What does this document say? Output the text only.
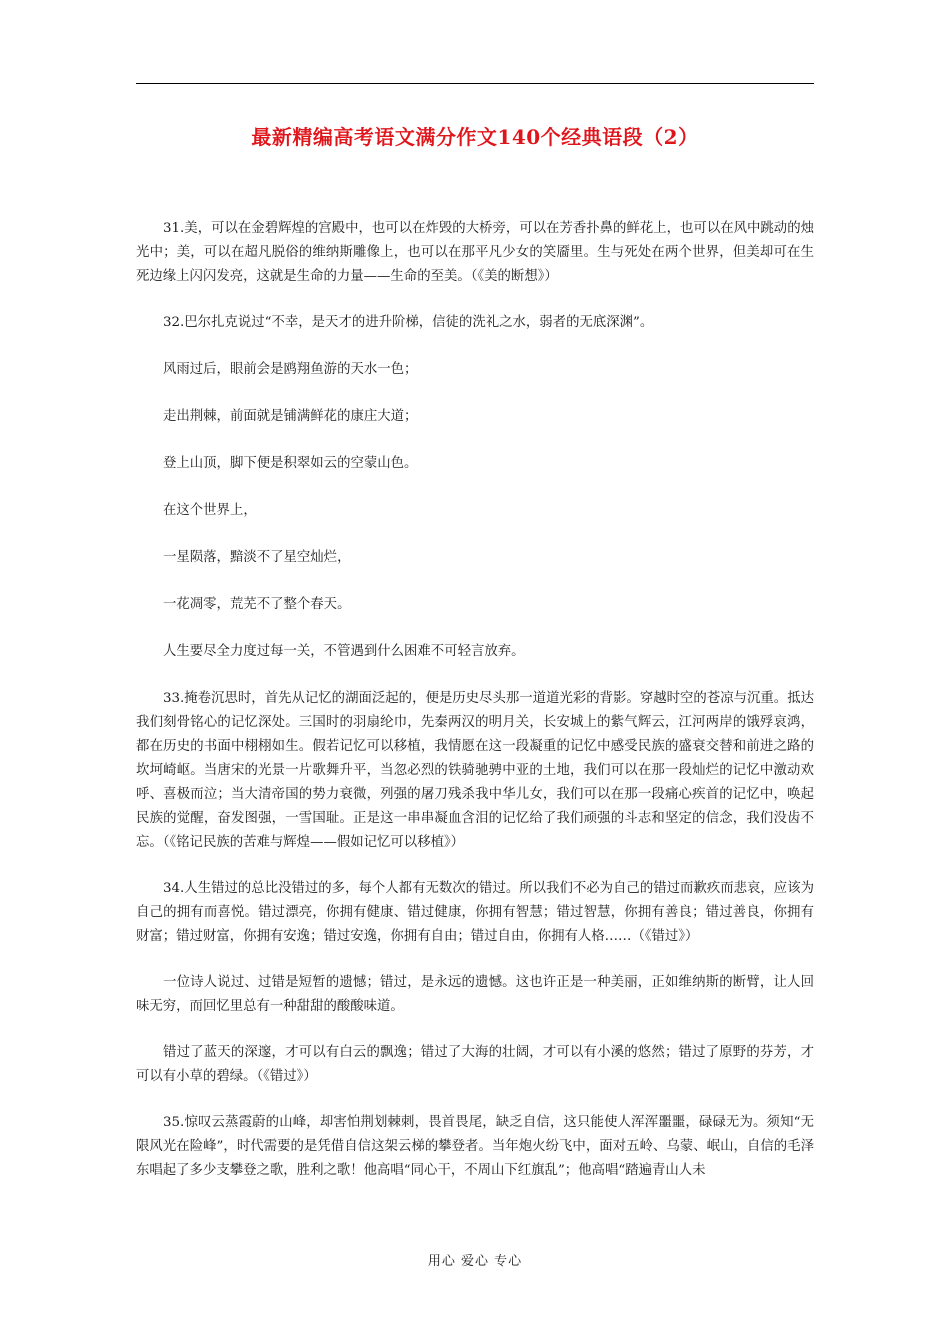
最新精编高考语文满分作文140个经典语段（2）

31.美，可以在金碧辉煌的宫殿中，也可以在炸毁的大桥旁，可以在芳香扑鼻的鲜花上，也可以在风中跳动的烛光中；美，可以在超凡脱俗的维纳斯雕像上，也可以在那平凡少女的笑靥里。生与死处在两个世界，但美却可在生死边缘上闪闪发亮，这就是生命的力量——生命的至美。（《美的断想》）

32.巴尔扎克说过“不幸，是天才的进升阶梯，信徒的洗礼之水，弱者的无底深渊”。

风雨过后，眼前会是鸥翔鱼游的天水一色；

走出荆棘，前面就是铺满鲜花的康庄大道；

登上山顶，脚下便是积翠如云的空蒙山色。

在这个世界上，

一星陨落，黯淡不了星空灿烂，

一花凋零，荒芜不了整个春天。

人生要尽全力度过每一关，不管遇到什么困难不可轻言放弃。

33.掩卷沉思时，首先从记忆的湖面泛起的，便是历史尽头那一道道光彩的背影。穿越时空的苍凉与沉重。抵达我们刻骨铭心的记忆深处。三国时的羽扇纶巾，先秦两汉的明月关，长安城上的紫气辉云，江河两岸的饿殍哀鸿，都在历史的书面中栩栩如生。假若记忆可以移植，我情愿在这一段凝重的记忆中感受民族的盛衰交替和前进之路的坎坷崎岖。当唐宋的光景一片歌舞升平，当忽必烈的铁骑驰骋中亚的土地，我们可以在那一段灿烂的记忆中激动欢呼、喜极而泣；当大清帝国的势力衰微，列强的屠刀残杀我中华儿女，我们可以在那一段痛心疾首的记忆中，唤起民族的觉醒，奋发图强，一雪国耻。正是这一串串凝血含泪的记忆给了我们顽强的斗志和坚定的信念，我们没齿不忘。（《铭记民族的苦难与辉煌——假如记忆可以移植》）

34.人生错过的总比没错过的多，每个人都有无数次的错过。所以我们不必为自己的错过而歉疚而悲哀，应该为自己的拥有而喜悦。错过漂亮，你拥有健康、错过健康，你拥有智慧；错过智慧，你拥有善良；错过善良，你拥有财富；错过财富，你拥有安逸；错过安逸，你拥有自由；错过自由，你拥有人格……（《错过》）

一位诗人说过、过错是短暂的遗憾；错过，是永远的遗憾。这也许正是一种美丽，正如维纳斯的断臂，让人回味无穷，而回忆里总有一种甜甜的酸酸味道。

错过了蓝天的深邃，才可以有白云的飘逸；错过了大海的壮阔，才可以有小溪的悠然；错过了原野的芬芳，才可以有小草的碧绿。（《错过》）

35.惊叹云蒸霞蔚的山峰，却害怕荆划棘刺，畏首畏尾，缺乏自信，这只能使人浑浑噩噩，碌碌无为。须知“无限风光在险峰”，时代需要的是凭借自信这架云梯的攀登者。当年炮火纷飞中，面对五岭、乌蒙、岷山，自信的毛泽东唱起了多少支攀登之歌，胜利之歌！他高唱“同心干，不周山下红旗乱”；他高唱“踏遍青山人未

用心 爱心 专心
